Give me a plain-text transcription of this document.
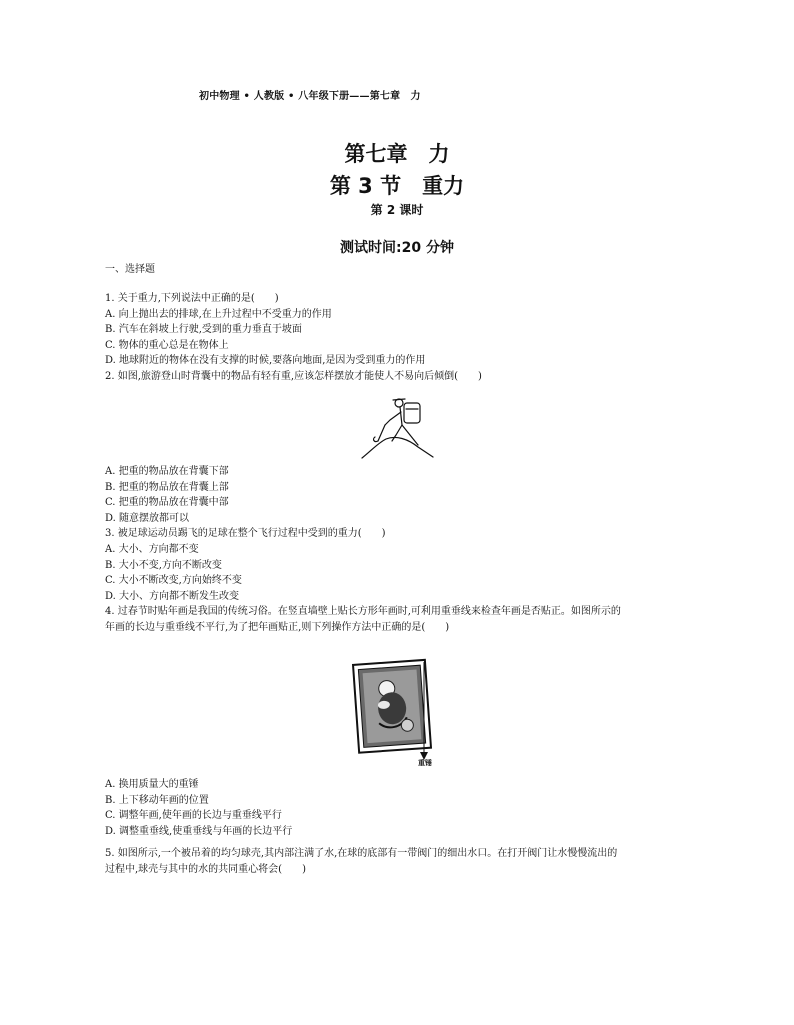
初中物理 • 人教版 • 八年级下册——第七章　力
第七章　力
第 3 节　重力
第 2 课时
测试时间:20 分钟
一、选择题
1. 关于重力,下列说法中正确的是(　　)
A. 向上抛出去的排球,在上升过程中不受重力的作用
B. 汽车在斜坡上行驶,受到的重力垂直于坡面
C. 物体的重心总是在物体上
D. 地球附近的物体在没有支撑的时候,要落向地面,是因为受到重力的作用
2. 如图,旅游登山时背囊中的物品有轻有重,应该怎样摆放才能使人不易向后倾倒(　　)
A. 把重的物品放在背囊下部
B. 把重的物品放在背囊上部
C. 把重的物品放在背囊中部
D. 随意摆放都可以
3. 被足球运动员踢飞的足球在整个飞行过程中受到的重力(　　)
A. 大小、方向都不变
B. 大小不变,方向不断改变
C. 大小不断改变,方向始终不变
D. 大小、方向都不断发生改变
4. 过春节时贴年画是我国的传统习俗。在竖直墙壁上贴长方形年画时,可利用重垂线来检查年画是否贴正。如图所示的
年画的长边与重垂线不平行,为了把年画贴正,则下列操作方法中正确的是(　　)
重锤
A. 换用质量大的重锤
B. 上下移动年画的位置
C. 调整年画,使年画的长边与重垂线平行
D. 调整重垂线,使重垂线与年画的长边平行
5. 如图所示,一个被吊着的均匀球壳,其内部注满了水,在球的底部有一带阀门的细出水口。在打开阀门让水慢慢流出的
过程中,球壳与其中的水的共同重心将会(　　)
